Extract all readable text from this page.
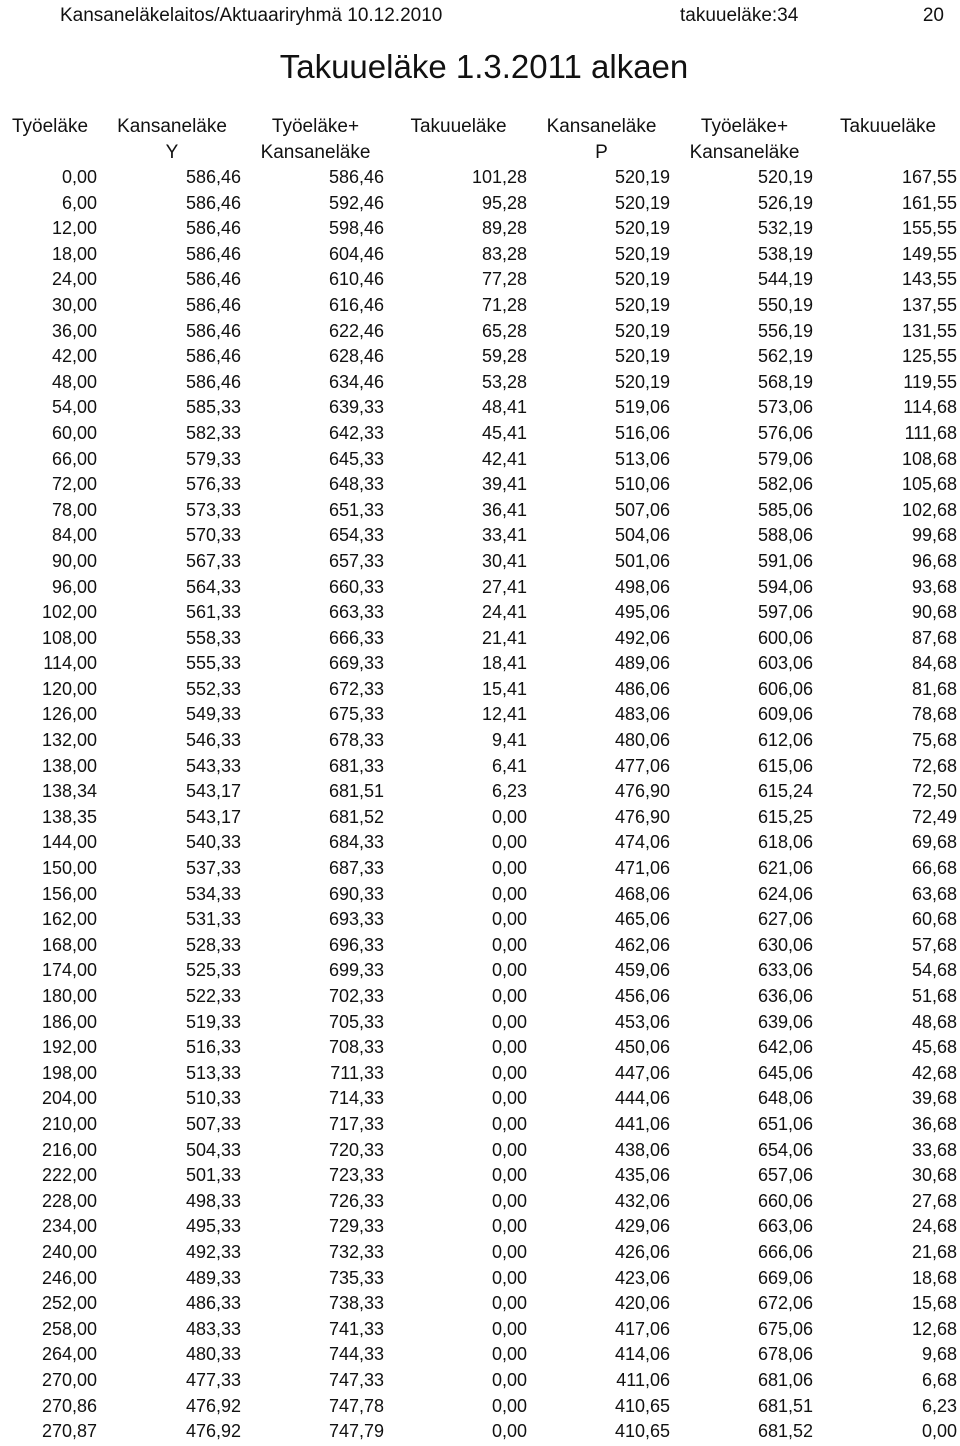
Kansaneläkelaitos/Aktuaariryhmä 10.12.2010	takuueläke:34	20
Takuueläke 1.3.2011 alkaen
Työeläke	Kansaneläke	Työeläke+	Takuueläke	Kansaneläke	Työeläke+	Takuueläke
	Y	Kansaneläke		P	Kansaneläke	
0,00	586,46	586,46	101,28	520,19	520,19	167,55
6,00	586,46	592,46	95,28	520,19	526,19	161,55
12,00	586,46	598,46	89,28	520,19	532,19	155,55
18,00	586,46	604,46	83,28	520,19	538,19	149,55
24,00	586,46	610,46	77,28	520,19	544,19	143,55
30,00	586,46	616,46	71,28	520,19	550,19	137,55
36,00	586,46	622,46	65,28	520,19	556,19	131,55
42,00	586,46	628,46	59,28	520,19	562,19	125,55
48,00	586,46	634,46	53,28	520,19	568,19	119,55
54,00	585,33	639,33	48,41	519,06	573,06	114,68
60,00	582,33	642,33	45,41	516,06	576,06	111,68
66,00	579,33	645,33	42,41	513,06	579,06	108,68
72,00	576,33	648,33	39,41	510,06	582,06	105,68
78,00	573,33	651,33	36,41	507,06	585,06	102,68
84,00	570,33	654,33	33,41	504,06	588,06	99,68
90,00	567,33	657,33	30,41	501,06	591,06	96,68
96,00	564,33	660,33	27,41	498,06	594,06	93,68
102,00	561,33	663,33	24,41	495,06	597,06	90,68
108,00	558,33	666,33	21,41	492,06	600,06	87,68
114,00	555,33	669,33	18,41	489,06	603,06	84,68
120,00	552,33	672,33	15,41	486,06	606,06	81,68
126,00	549,33	675,33	12,41	483,06	609,06	78,68
132,00	546,33	678,33	9,41	480,06	612,06	75,68
138,00	543,33	681,33	6,41	477,06	615,06	72,68
138,34	543,17	681,51	6,23	476,90	615,24	72,50
138,35	543,17	681,52	0,00	476,90	615,25	72,49
144,00	540,33	684,33	0,00	474,06	618,06	69,68
150,00	537,33	687,33	0,00	471,06	621,06	66,68
156,00	534,33	690,33	0,00	468,06	624,06	63,68
162,00	531,33	693,33	0,00	465,06	627,06	60,68
168,00	528,33	696,33	0,00	462,06	630,06	57,68
174,00	525,33	699,33	0,00	459,06	633,06	54,68
180,00	522,33	702,33	0,00	456,06	636,06	51,68
186,00	519,33	705,33	0,00	453,06	639,06	48,68
192,00	516,33	708,33	0,00	450,06	642,06	45,68
198,00	513,33	711,33	0,00	447,06	645,06	42,68
204,00	510,33	714,33	0,00	444,06	648,06	39,68
210,00	507,33	717,33	0,00	441,06	651,06	36,68
216,00	504,33	720,33	0,00	438,06	654,06	33,68
222,00	501,33	723,33	0,00	435,06	657,06	30,68
228,00	498,33	726,33	0,00	432,06	660,06	27,68
234,00	495,33	729,33	0,00	429,06	663,06	24,68
240,00	492,33	732,33	0,00	426,06	666,06	21,68
246,00	489,33	735,33	0,00	423,06	669,06	18,68
252,00	486,33	738,33	0,00	420,06	672,06	15,68
258,00	483,33	741,33	0,00	417,06	675,06	12,68
264,00	480,33	744,33	0,00	414,06	678,06	9,68
270,00	477,33	747,33	0,00	411,06	681,06	6,68
270,86	476,92	747,78	0,00	410,65	681,51	6,23
270,87	476,92	747,79	0,00	410,65	681,52	0,00
